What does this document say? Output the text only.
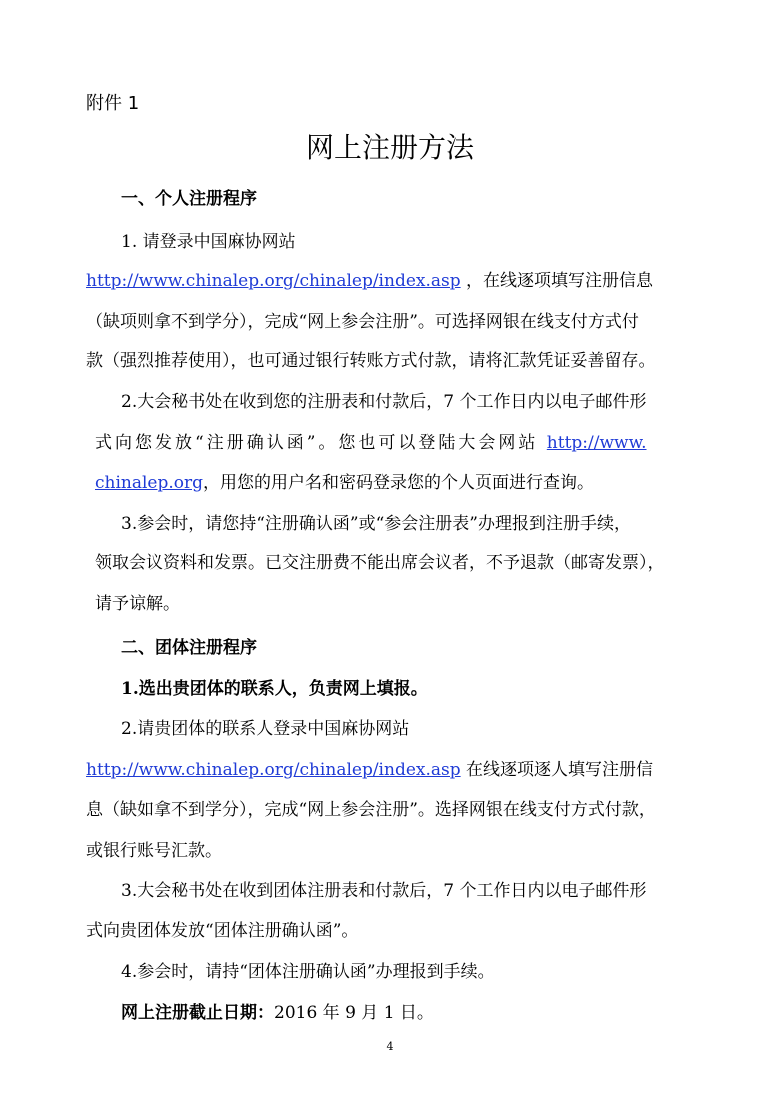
附件 1
网上注册方法
一、个人注册程序
1. 请登录中国麻协网站
http://www.chinalep.org/chinalep/index.asp ，在线逐项填写注册信息
（缺项则拿不到学分），完成“网上参会注册”。可选择网银在线支付方式付
款（强烈推荐使用），也可通过银行转账方式付款，请将汇款凭证妥善留存。
2.大会秘书处在收到您的注册表和付款后，7 个工作日内以电子邮件形
式向您发放“注册确认函”。您也可以登陆大会网站 http://www.
chinalep.org，用您的用户名和密码登录您的个人页面进行查询。
3.参会时，请您持“注册确认函”或“参会注册表”办理报到注册手续，
领取会议资料和发票。已交注册费不能出席会议者，不予退款（邮寄发票），
请予谅解。
二、团体注册程序
1.选出贵团体的联系人，负责网上填报。
2.请贵团体的联系人登录中国麻协网站
http://www.chinalep.org/chinalep/index.asp 在线逐项逐人填写注册信
息（缺如拿不到学分），完成“网上参会注册”。选择网银在线支付方式付款，
或银行账号汇款。
3.大会秘书处在收到团体注册表和付款后，7 个工作日内以电子邮件形
式向贵团体发放“团体注册确认函”。
4.参会时，请持“团体注册确认函”办理报到手续。
网上注册截止日期：2016 年 9 月 1 日。
4
